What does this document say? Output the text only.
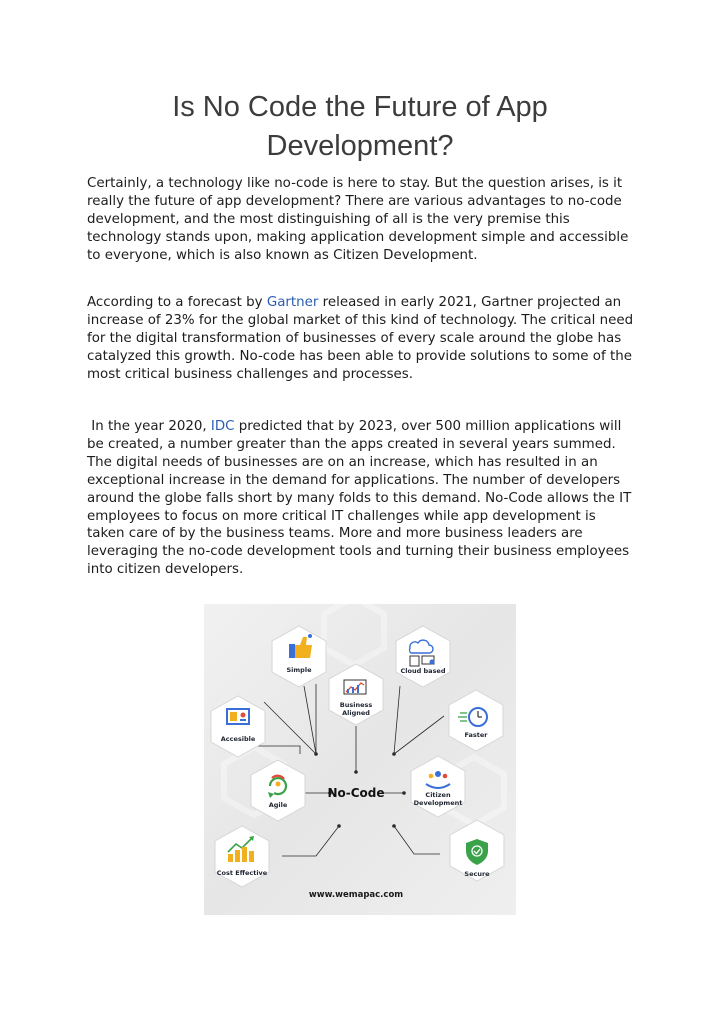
Is No Code the Future of App Development?

Certainly, a technology like no-code is here to stay. But the question arises, is it really the future of app development? There are various advantages to no-code development, and the most distinguishing of all is the very premise this technology stands upon, making application development simple and accessible to everyone, which is also known as Citizen Development.

According to a forecast by Gartner released in early 2021, Gartner projected an increase of 23% for the global market of this kind of technology. The critical need for the digital transformation of businesses of every scale around the globe has catalyzed this growth. No-code has been able to provide solutions to some of the most critical business challenges and processes.

In the year 2020, IDC predicted that by 2023, over 500 million applications will be created, a number greater than the apps created in several years summed. The digital needs of businesses are on an increase, which has resulted in an exceptional increase in the demand for applications. The number of developers around the globe falls short by many folds to this demand. No-Code allows the IT employees to focus on more critical IT challenges while app development is taken care of by the business teams. More and more business leaders are leveraging the no-code development tools and turning their business employees into citizen developers.

Simple	Cloud based
Business
Aligned
Accesible	Faster
Agile
No-Code	Citizen
Development
Cost Effective	Secure
www.wemapac.com
